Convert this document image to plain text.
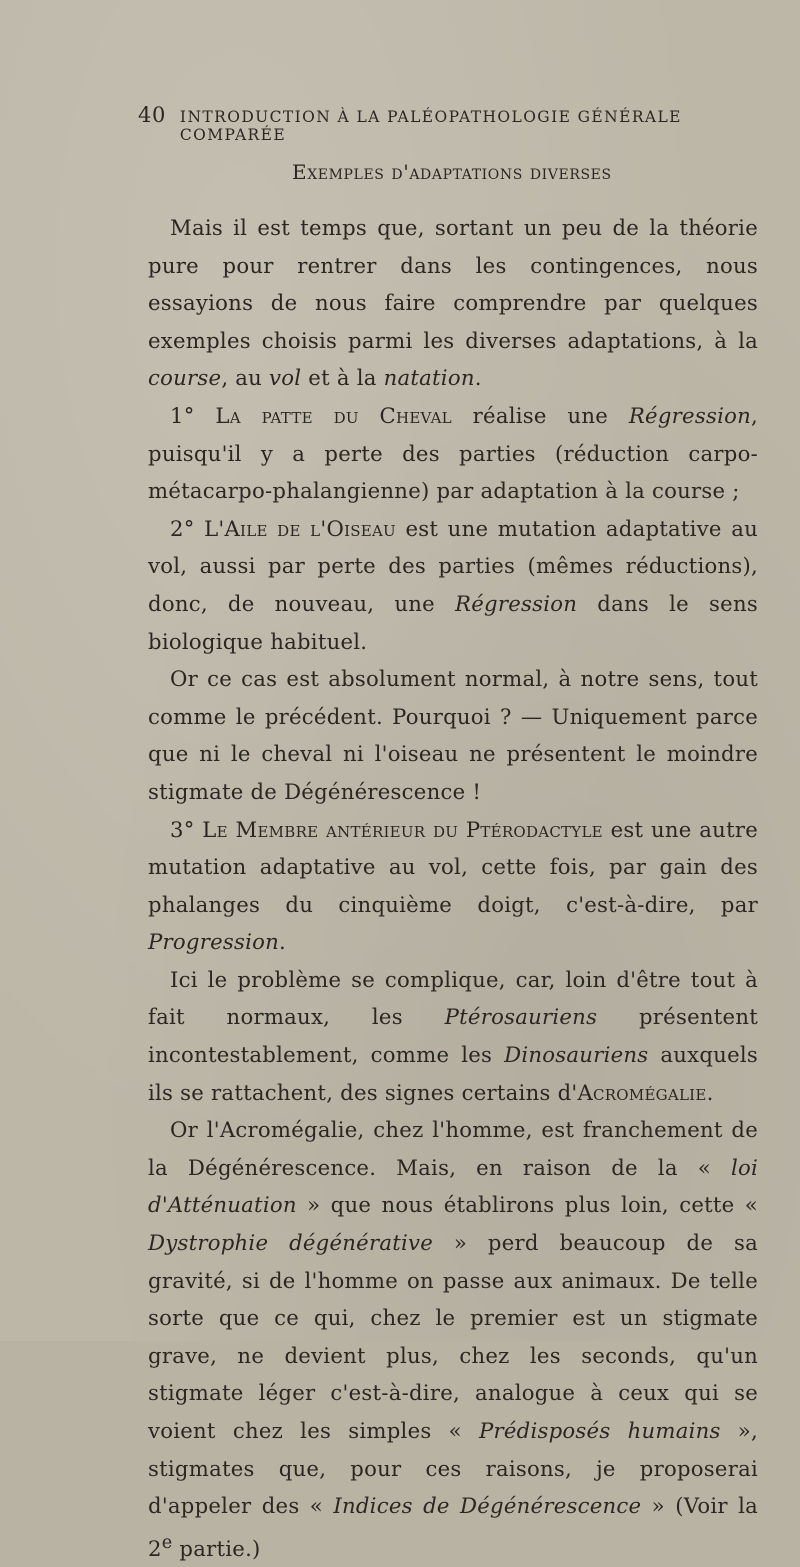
40 INTRODUCTION À LA PALÉOPATHOLOGIE GÉNÉRALE COMPARÉE
Exemples d'adaptations diverses

Mais il est temps que, sortant un peu de la théorie pure pour rentrer dans les contingences, nous essayions de nous faire comprendre par quelques exemples choisis parmi les diverses adaptations, à la course, au vol et à la natation.

1° La patte du Cheval réalise une Régression, puisqu'il y a perte des parties (réduction carpo-métacarpo-phalangienne) par adaptation à la course ;

2° L'Aile de l'Oiseau est une mutation adaptative au vol, aussi par perte des parties (mêmes réductions), donc, de nouveau, une Régression dans le sens biologique habituel.

Or ce cas est absolument normal, à notre sens, tout comme le précédent. Pourquoi ? — Uniquement parce que ni le cheval ni l'oiseau ne présentent le moindre stigmate de Dégénérescence !

3° Le Membre antérieur du Ptérodactyle est une autre mutation adaptative au vol, cette fois, par gain des phalanges du cinquième doigt, c'est-à-dire, par Progression.

Ici le problème se complique, car, loin d'être tout à fait normaux, les Ptérosauriens présentent incontestablement, comme les Dinosauriens auxquels ils se rattachent, des signes certains d'Acromégalie.

Or l'Acromégalie, chez l'homme, est franchement de la Dégénérescence. Mais, en raison de la « loi d'Atténuation » que nous établirons plus loin, cette « Dystrophie dégénérative » perd beaucoup de sa gravité, si de l'homme on passe aux animaux. De telle sorte que ce qui, chez le premier est un stigmate grave, ne devient plus, chez les seconds, qu'un stigmate léger c'est-à-dire, analogue à ceux qui se voient chez les simples « Prédisposés humains », stigmates que, pour ces raisons, je proposerai d'appeler des « Indices de Dégénérescence » (Voir la 2e partie.)
